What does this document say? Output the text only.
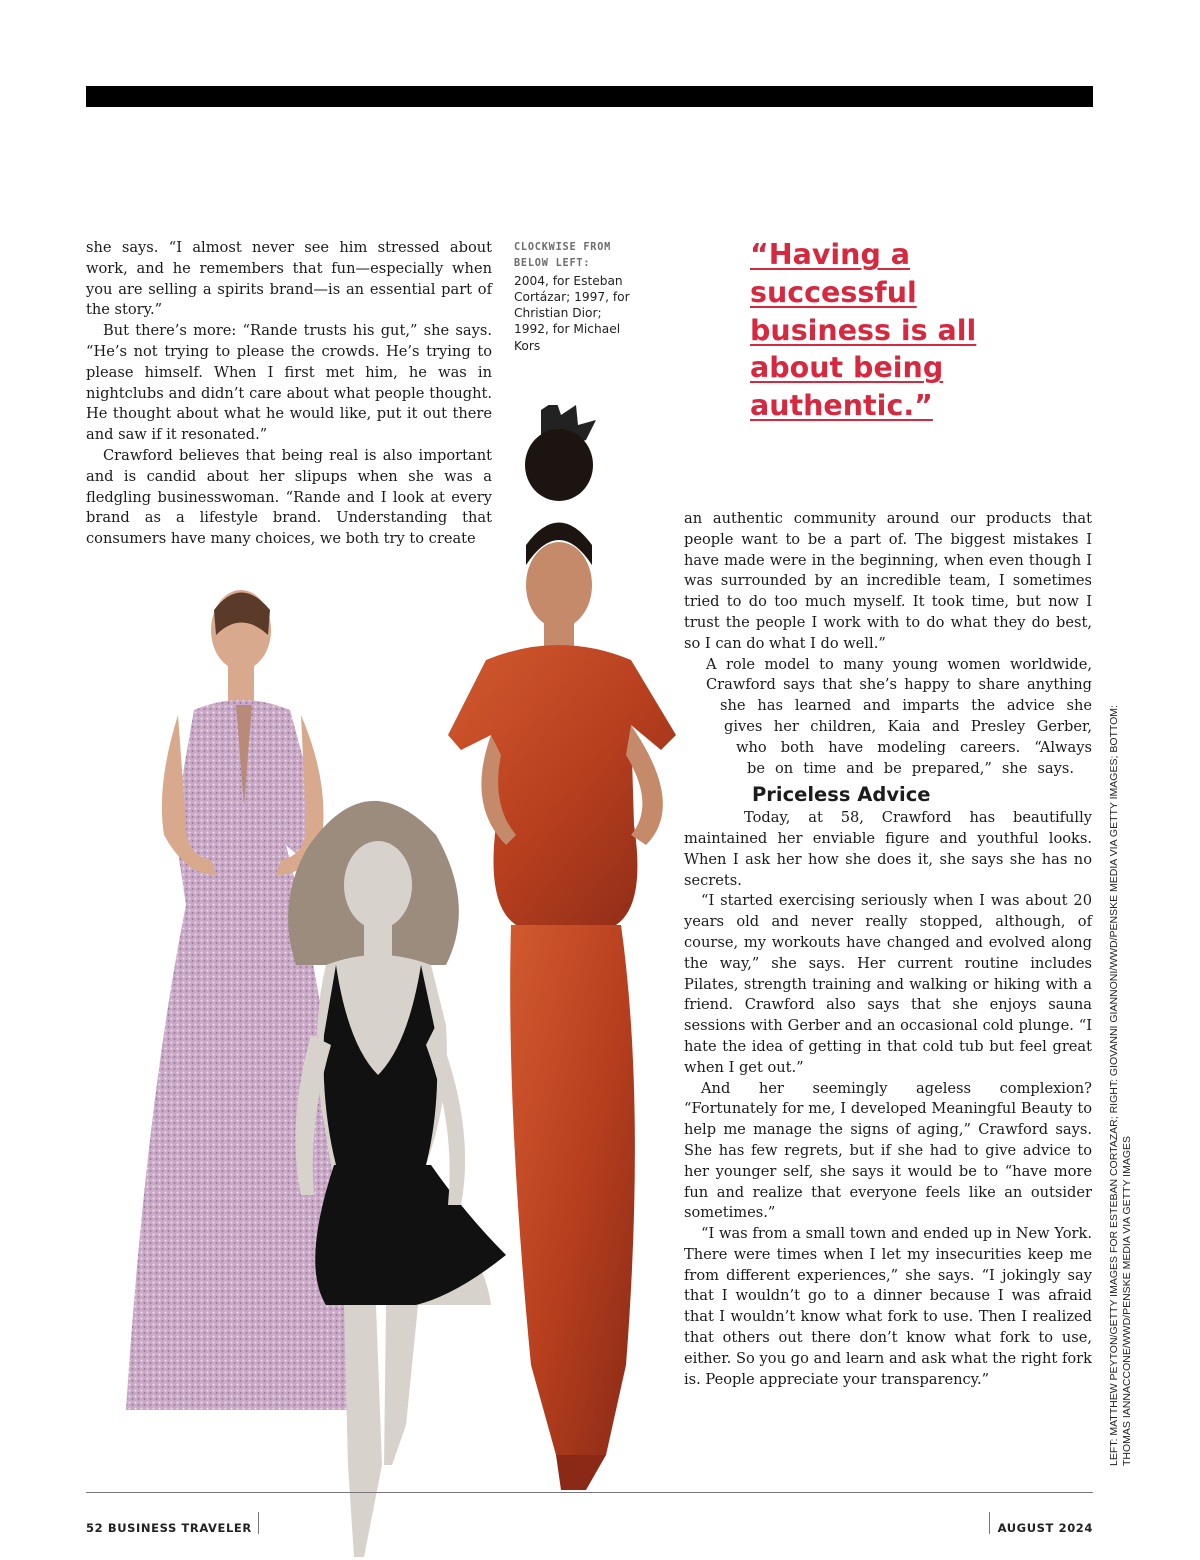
she says. “I almost never see him stressed about work, and he remembers that fun—especially when you are selling a spirits brand—is an essential part of the story.”

But there’s more: “Rande trusts his gut,” she says. “He’s not trying to please the crowds. He’s trying to please himself. When I first met him, he was in nightclubs and didn’t care about what people thought. He thought about what he would like, put it out there and saw if it resonated.”

Crawford believes that being real is also important and is candid about her slipups when she was a fledgling businesswoman. “Rande and I look at every brand as a lifestyle brand. Understanding that consumers have many choices, we both try to create

CLOCKWISE FROM BELOW LEFT:
2004, for Esteban Cortázar; 1997, for Christian Dior; 1992, for Michael Kors
“Having a successful business is all about being authentic.”

an authentic community around our products that people want to be a part of. The biggest mistakes I have made were in the beginning, when even though I was surrounded by an incredible team, I sometimes tried to do too much myself. It took time, but now I trust the people I work with to do what they do best, so I can do what I do well.”

A role model to many young women worldwide,
Crawford says that she’s happy to share anything
she has learned and imparts the advice she
gives her children, Kaia and Presley Gerber,
who both have modeling careers. “Always
be on time and be prepared,” she says.
Priceless Advice

Today, at 58, Crawford has beautifully maintained her enviable figure and youthful looks. When I ask her how she does it, she says she has no secrets.

“I started exercising seriously when I was about 20 years old and never really stopped, although, of course, my workouts have changed and evolved along the way,” she says. Her current routine includes Pilates, strength training and walking or hiking with a friend. Crawford also says that she enjoys sauna sessions with Gerber and an occasional cold plunge. “I hate the idea of getting in that cold tub but feel great when I get out.”

And her seemingly ageless complexion? “Fortunately for me, I developed Meaningful Beauty to help me manage the signs of aging,” Crawford says. She has few regrets, but if she had to give advice to her younger self, she says it would be to “have more fun and realize that everyone feels like an outsider sometimes.”

“I was from a small town and ended up in New York. There were times when I let my insecurities keep me from different experiences,” she says. “I jokingly say that I wouldn’t go to a dinner because I was afraid that I wouldn’t know what fork to use. Then I realized that others out there don’t know what fork to use, either. So you go and learn and ask what the right fork is. People appreciate your transparency.”	LEFT: MATTHEW PEYTON/GETTY IMAGES FOR ESTEBAN CORTAZAR; RIGHT: GIOVANNI GIANNONI/WWD/PENSKE MEDIA VIA GETTY IMAGES; BOTTOM: THOMAS IANNACCONE/WWD/PENSKE MEDIA VIA GETTY IMAGES
52 BUSINESS TRAVELER	AUGUST 2024
